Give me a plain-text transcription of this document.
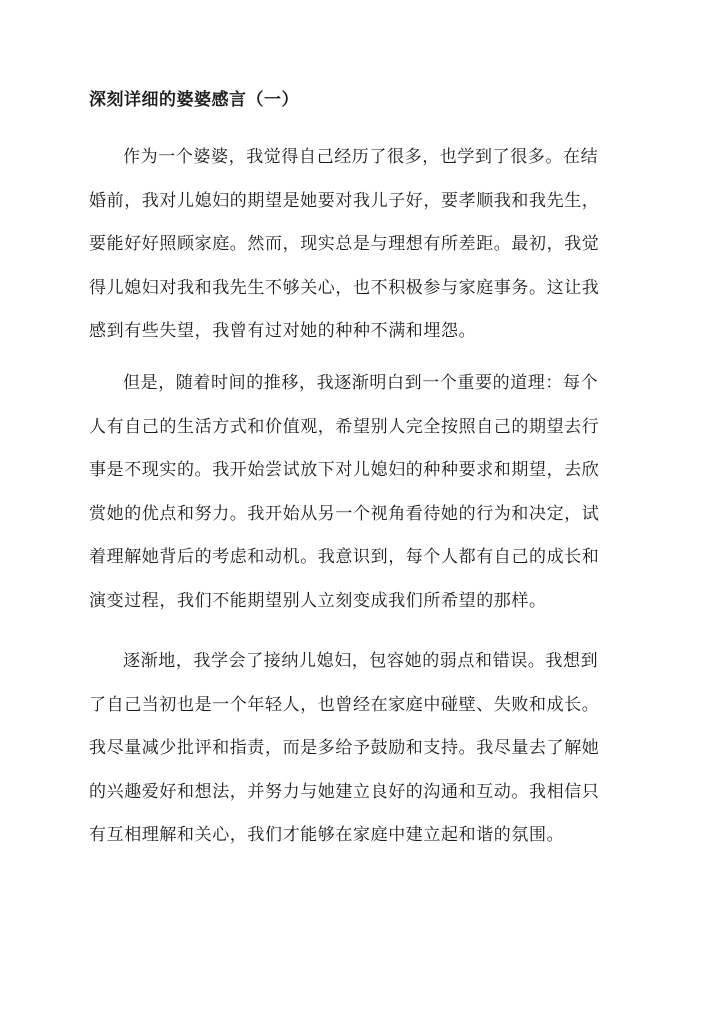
深刻详细的婆婆感言（一）
作为一个婆婆，我觉得自己经历了很多，也学到了很多。在结
婚前，我对儿媳妇的期望是她要对我儿子好，要孝顺我和我先生，
要能好好照顾家庭。然而，现实总是与理想有所差距。最初，我觉
得儿媳妇对我和我先生不够关心，也不积极参与家庭事务。这让我
感到有些失望，我曾有过对她的种种不满和埋怨。
但是，随着时间的推移，我逐渐明白到一个重要的道理：每个
人有自己的生活方式和价值观，希望别人完全按照自己的期望去行
事是不现实的。我开始尝试放下对儿媳妇的种种要求和期望，去欣
赏她的优点和努力。我开始从另一个视角看待她的行为和决定，试
着理解她背后的考虑和动机。我意识到，每个人都有自己的成长和
演变过程，我们不能期望别人立刻变成我们所希望的那样。
逐渐地，我学会了接纳儿媳妇，包容她的弱点和错误。我想到
了自己当初也是一个年轻人，也曾经在家庭中碰壁、失败和成长。
我尽量减少批评和指责，而是多给予鼓励和支持。我尽量去了解她
的兴趣爱好和想法，并努力与她建立良好的沟通和互动。我相信只
有互相理解和关心，我们才能够在家庭中建立起和谐的氛围。
